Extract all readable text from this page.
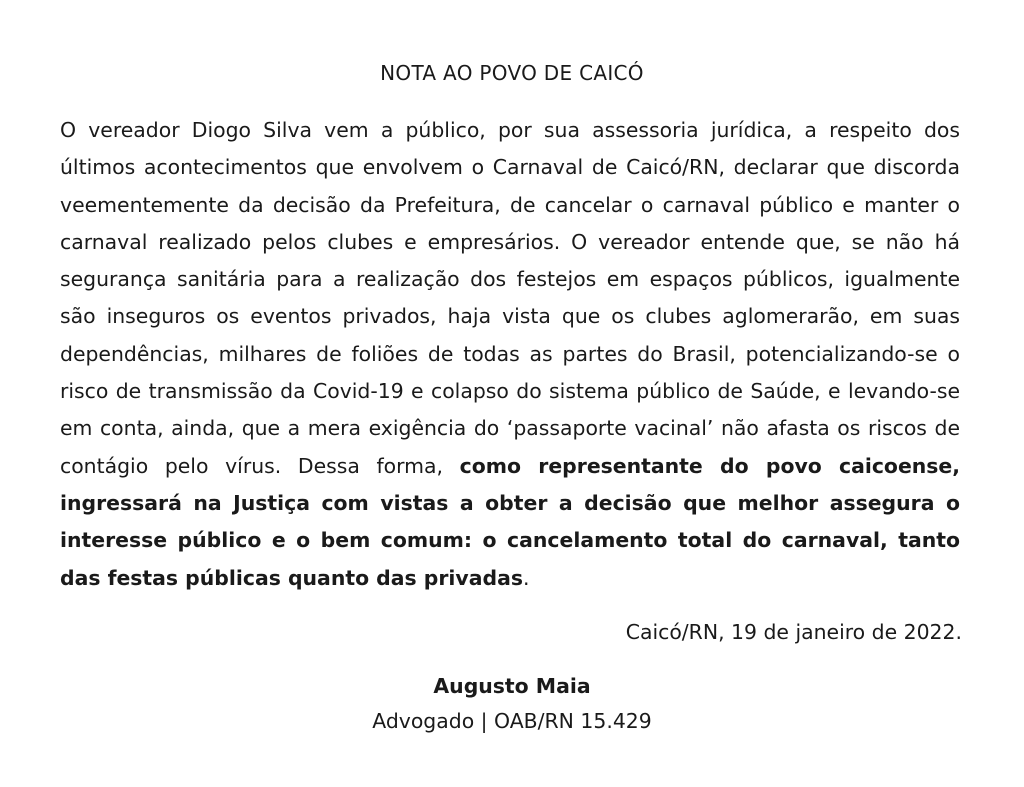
NOTA AO POVO DE CAICÓ
O vereador Diogo Silva vem a público, por sua assessoria jurídica, a respeito dos últimos acontecimentos que envolvem o Carnaval de Caicó/RN, declarar que discorda veementemente da decisão da Prefeitura, de cancelar o carnaval público e manter o carnaval realizado pelos clubes e empresários. O vereador entende que, se não há segurança sanitária para a realização dos festejos em espaços públicos, igualmente são inseguros os eventos privados, haja vista que os clubes aglomerarão, em suas dependências, milhares de foliões de todas as partes do Brasil, potencializando-se o risco de transmissão da Covid-19 e colapso do sistema público de Saúde, e levando-se em conta, ainda, que a mera exigência do ‘passaporte vacinal’ não afasta os riscos de contágio pelo vírus. Dessa forma, como representante do povo caicoense, ingressará na Justiça com vistas a obter a decisão que melhor assegura o interesse público e o bem comum: o cancelamento total do carnaval, tanto das festas públicas quanto das privadas.
Caicó/RN, 19 de janeiro de 2022.
Augusto Maia
Advogado | OAB/RN 15.429
